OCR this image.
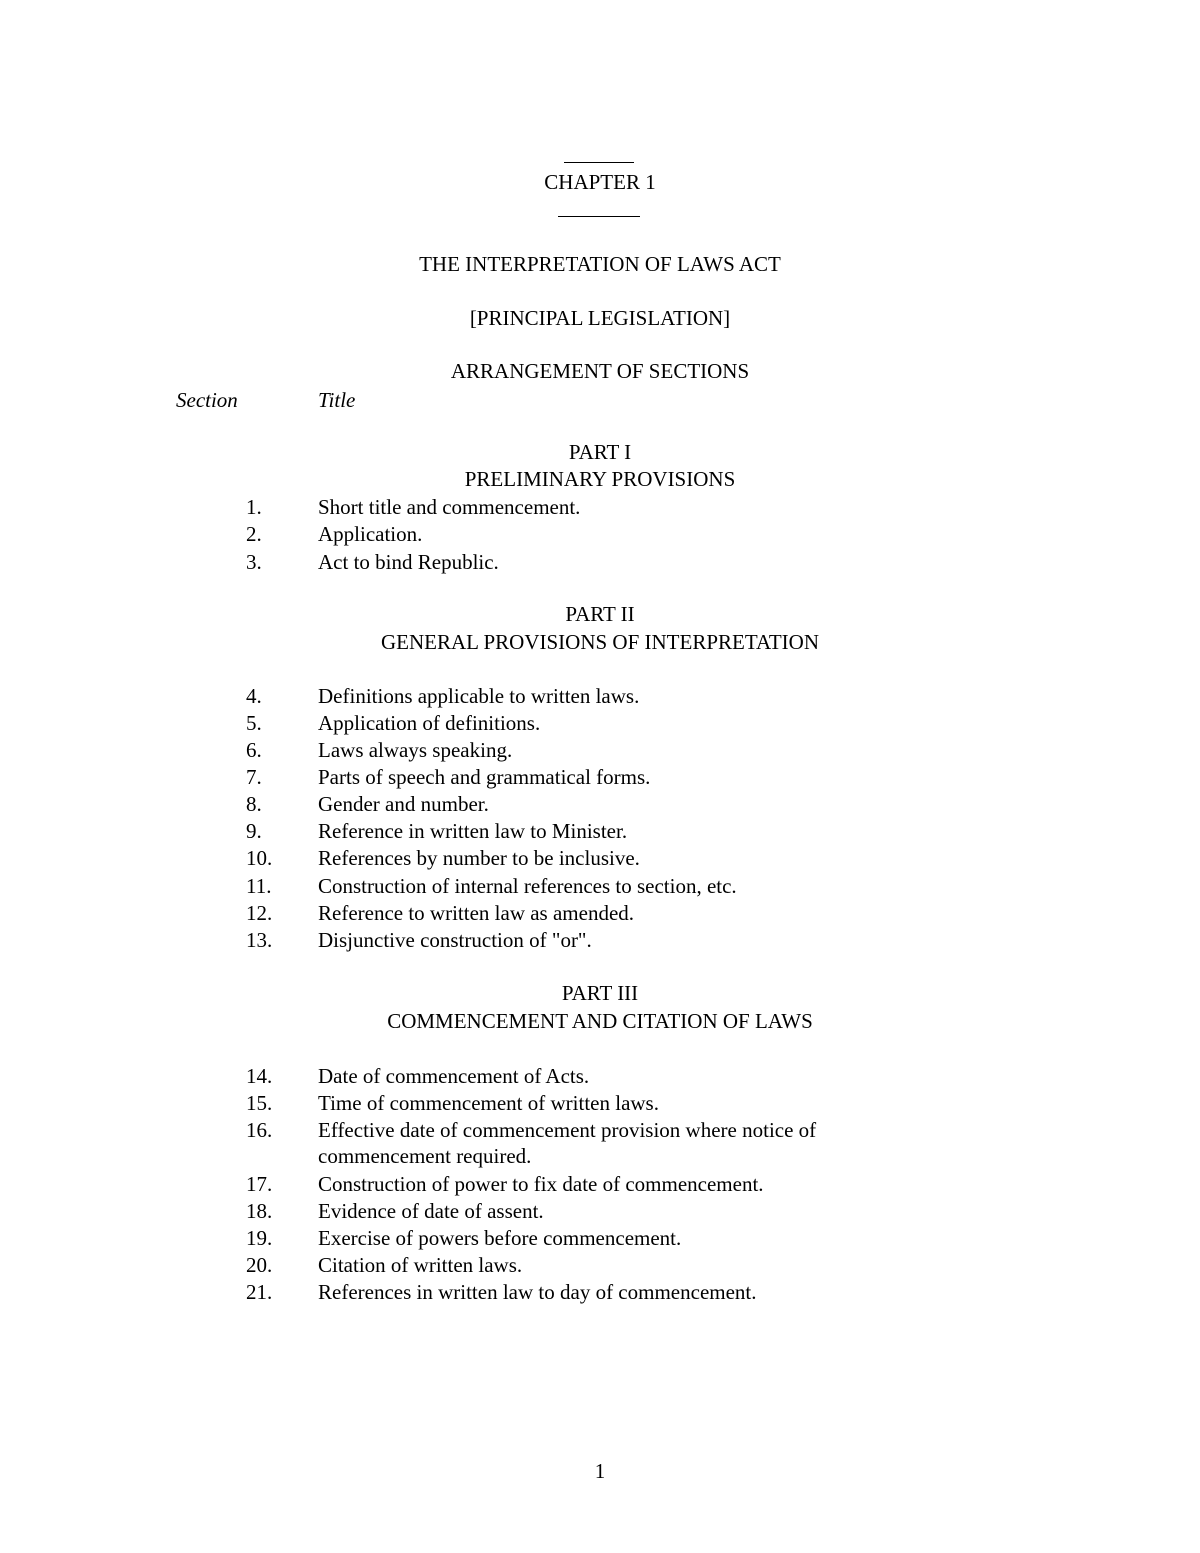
CHAPTER 1
THE INTERPRETATION OF LAWS ACT
[PRINCIPAL LEGISLATION]
ARRANGEMENT OF SECTIONS
Section	Title
PART I
PRELIMINARY PROVISIONS
1.	Short title and commencement.
2.	Application.
3.	Act to bind Republic.
PART II
GENERAL PROVISIONS OF INTERPRETATION
4.	Definitions applicable to written laws.
5.	Application of definitions.
6.	Laws always speaking.
7.	Parts of speech and grammatical forms.
8.	Gender and number.
9.	Reference in written law to Minister.
10. References by number to be inclusive.
11. Construction of internal references to section, etc.
12. Reference to written law as amended.
13. Disjunctive construction of "or".
PART III
COMMENCEMENT AND CITATION OF LAWS
14. Date of commencement of Acts.
15. Time of commencement of written laws.
16. Effective date of commencement provision where notice of commencement required.
17. Construction of power to fix date of commencement.
18. Evidence of date of assent.
19. Exercise of powers before commencement.
20. Citation of written laws.
21. References in written law to day of commencement.
1
